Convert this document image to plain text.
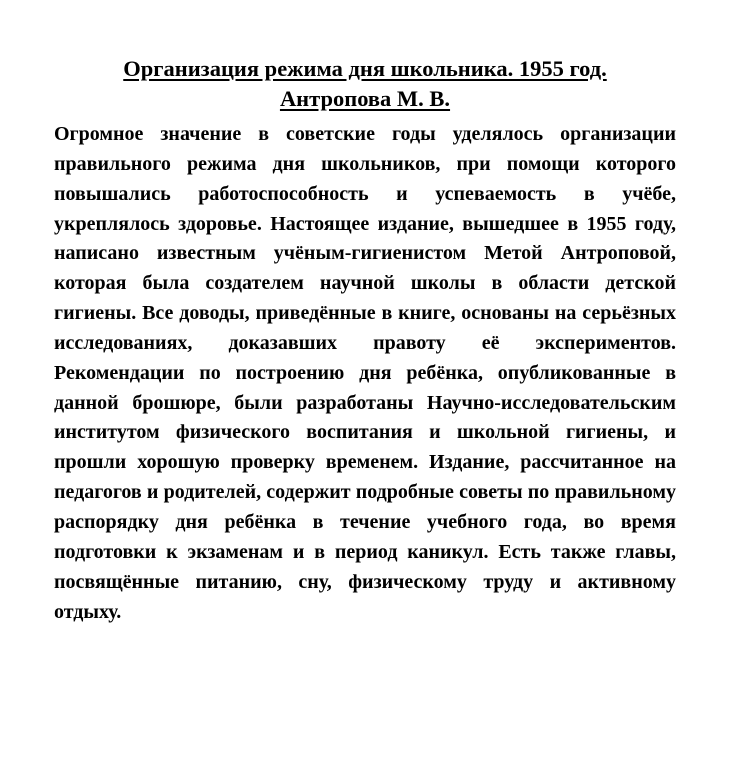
Организация режима дня школьника. 1955 год.
Антропова М. В.

Огромное значение в советские годы уделялось организации правильного режима дня школьников, при помощи которого повышались работоспособность и успеваемость в учёбе, укреплялось здоровье. Настоящее издание, вышедшее в 1955 году, написано известным учёным-гигиенистом Метой Антроповой, которая была создателем научной школы в области детской гигиены. Все доводы, приведённые в книге, основаны на серьёзных исследованиях, доказавших правоту её экспериментов. Рекомендации по построению дня ребёнка, опубликованные в данной брошюре, были разработаны Научно-исследовательским институтом физического воспитания и школьной гигиены, и прошли хорошую проверку временем. Издание, рассчитанное на педагогов и родителей, содержит подробные советы по правильному распорядку дня ребёнка в течение учебного года, во время подготовки к экзаменам и в период каникул. Есть также главы, посвящённые питанию, сну, физическому труду и активному отдыху.
